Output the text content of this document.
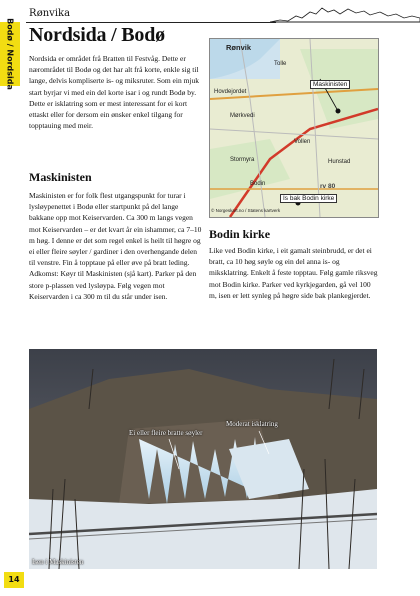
Bodø / Nordsida
Rønvika
Nordsida / Bodø

Nordsida er området frå Bratten til Festvåg. Dette er nærområdet til Bodø og det har alt frå korte, enkle sig til lange, delvis kompliserte is- og miksruter. Som ein mjuk start byrjar vi med ein del korte isar i og rundt Bodø by. Dette er isklatring som er mest interessant for ei kort ettaskt eller for dersom ein ønsker enkel tilgang for topptauing med meir.

Maskinisten

Maskinisten er for folk flest utgangspunkt for turar i lysløypenettet i Bodø eller startpunkt på del lange bakkane opp mot Keiservarden. Ca 300 m langs vegen mot Keiservarden – er det kvart år ein ishammer, ca 7–10 m høg. I denne er det som regel enkel is heilt til høgre og ei eller fleire søyler / gardiner i den overhengande delen til venstre. Fin å topptaue på eller øve på bratt leding.

Adkomst: Køyr til Maskinisten (sjå kart). Parker på den store p-plassen ved lysløypa. Følg vegen mot Keiservarden i ca 300 m til du står under isen.

Rønvik
Tolle
Hovdejordet
Mørkvedi
Stormyra
Bodin
Hunstad
Vollen
Maskinisten
rv 80
Is bak Bodin kirke
© Norgeskart.no / Statens kartverk
Bodin kirke

Like ved Bodin kirke, i eit gamalt steinbrudd, er det ei bratt, ca 10 høg søyle og ein del anna is- og miksklatring. Enkelt å feste topptau. Følg gamle riksveg mot Bodin kirke. Parker ved kyrkjegarden, gå vel 100 m, isen er lett synleg på høgre side bak plankegjerdet.

Ei eller fleire bratte søyler
Moderat isklatring
Isen i Maskinisten
14
